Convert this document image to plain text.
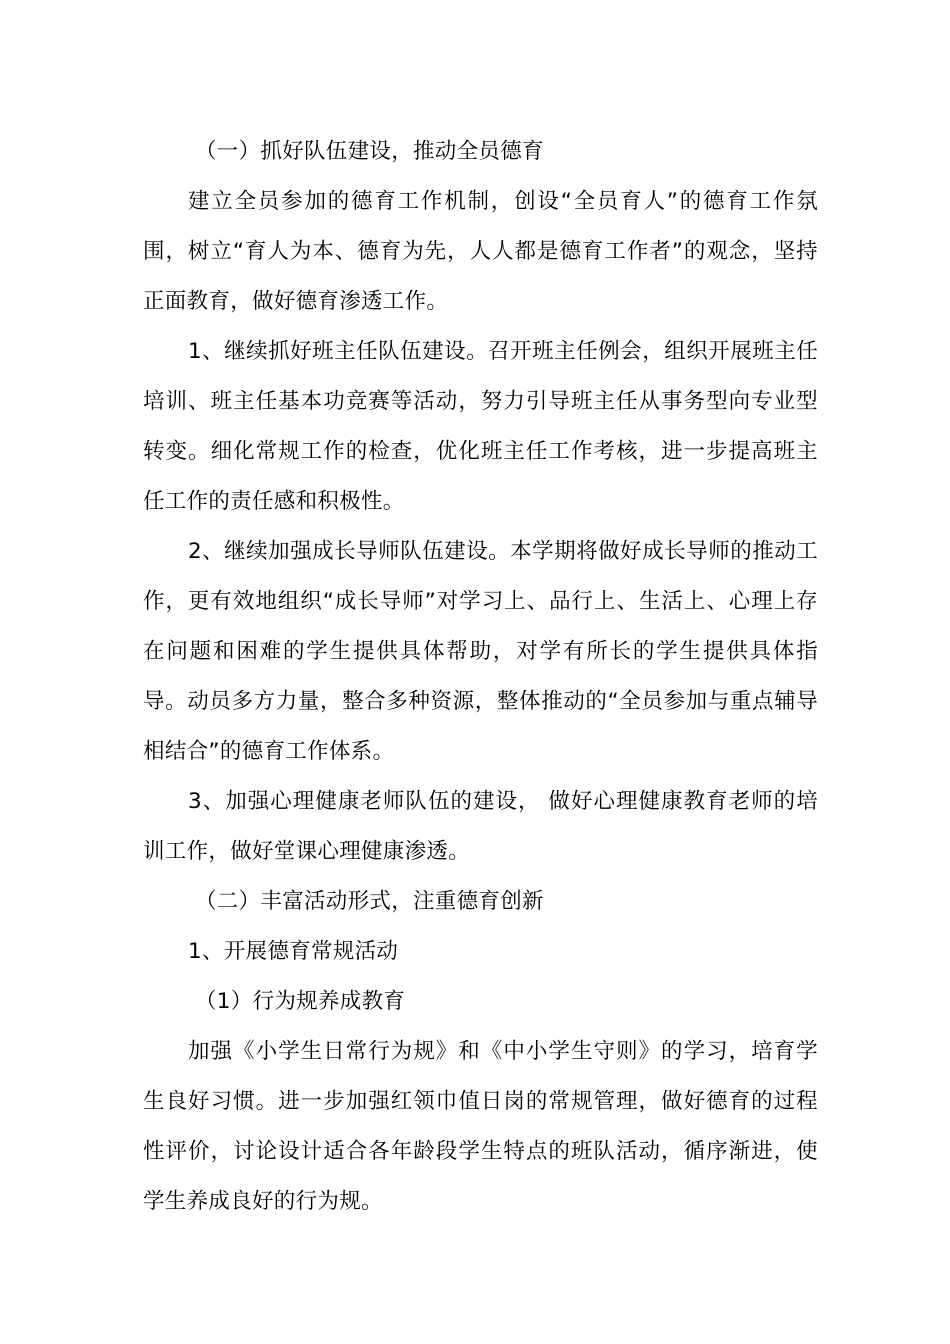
（一）抓好队伍建设，推动全员德育

建立全员参加的德育工作机制，创设“全员育人”的德育工作氛围，树立“育人为本、德育为先，人人都是德育工作者”的观念，坚持正面教育，做好德育渗透工作。

1、继续抓好班主任队伍建设。召开班主任例会，组织开展班主任培训、班主任基本功竞赛等活动，努力引导班主任从事务型向专业型转变。细化常规工作的检查，优化班主任工作考核，进一步提高班主任工作的责任感和积极性。

2、继续加强成长导师队伍建设。本学期将做好成长导师的推动工作，更有效地组织“成长导师”对学习上、品行上、生活上、心理上存在问题和困难的学生提供具体帮助，对学有所长的学生提供具体指导。动员多方力量，整合多种资源，整体推动的“全员参加与重点辅导相结合”的德育工作体系。

3、加强心理健康老师队伍的建设， 做好心理健康教育老师的培训工作，做好堂课心理健康渗透。

（二）丰富活动形式，注重德育创新

1、开展德育常规活动

（1）行为规养成教育

加强《小学生日常行为规》和《中小学生守则》的学习，培育学生良好习惯。进一步加强红领巾值日岗的常规管理，做好德育的过程性评价，讨论设计适合各年龄段学生特点的班队活动，循序渐进，使学生养成良好的行为规。
